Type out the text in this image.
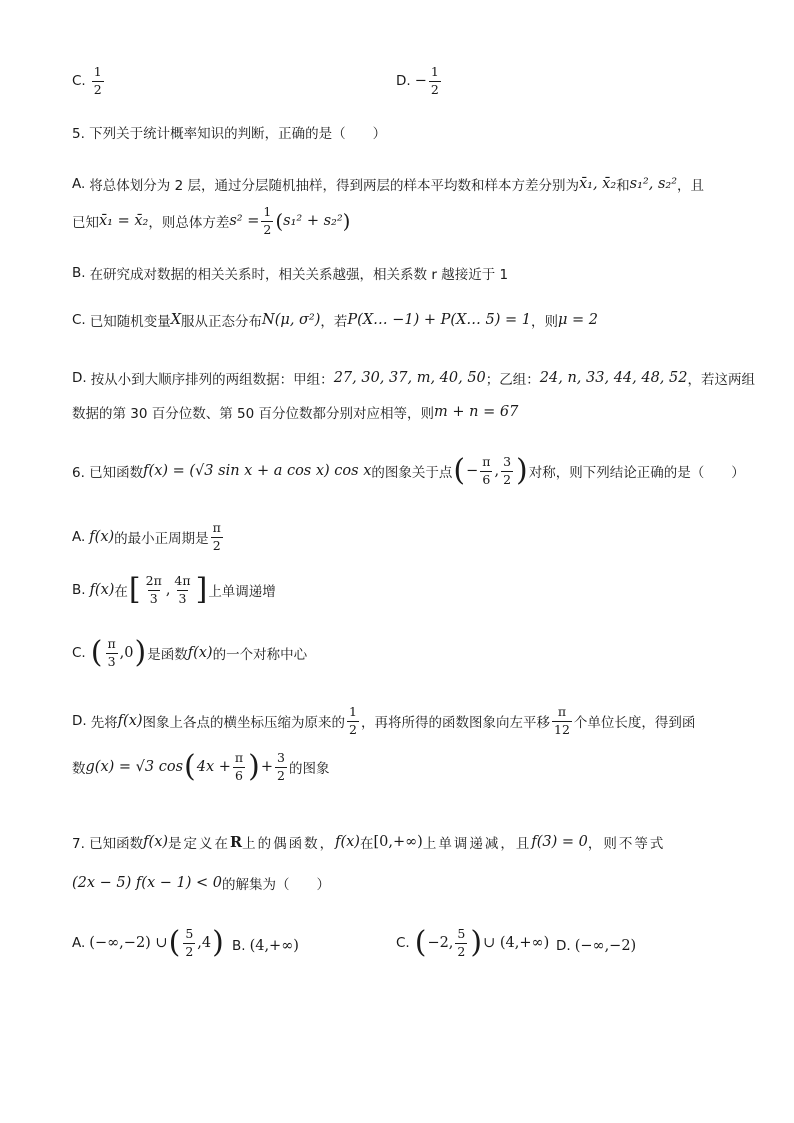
C. $\frac{1}{2}$	D. − $\frac{1}{2}$
5. 下列关于统计概率知识的判断，正确的是（　　）
A. 将总体划分为 2 层，通过分层随机抽样，得到两层的样本平均数和样本方差分别为 x̄₁, x̄₂ 和 s₁², s₂² ，且
已知 x̄₁ = x̄₂ ，则总体方差 $s^2 = \frac{1}{2}$ ( s₁² + s₂² )
B. 在研究成对数据的相关关系时，相关关系越强，相关系数 r 越接近于 1
C. 已知随机变量 X 服从正态分布 N(μ, σ²) ，若 P(X… −1) + P(X… 5) = 1 ，则 μ = 2
D. 按从小到大顺序排列的两组数据：甲组： 27, 30, 37, m, 40, 50 ；乙组： 24, n, 33, 44, 48, 52 ，若这两组
数据的第 30 百分位数、第 50 百分位数都分别对应相等，则 m + n = 67
6. 已知函数 f(x) = (√3 sin x + a cos x) cos x 的图象关于点 ( − $\frac{\pi}{6}$ , $\frac{3}{2}$ ) 对称，则下列结论正确的是（　　）
A. f(x) 的最小正周期是 $\frac{\pi}{2}$
B. f(x) 在 [ $\frac{2\pi}{3}$ , $\frac{4\pi}{3}$ ] 上单调递增
C. ( $\frac{\pi}{3}$ , 0 ) 是函数 f(x) 的一个对称中心
D. 先将 f(x) 图象上各点的横坐标压缩为原来的 $\frac{1}{2}$ ，再将所得的函数图象向左平移 $\frac{\pi}{12}$ 个单位长度，得到函
数 g(x) = √3 cos ( $4x + \frac{\pi}{6}$ ) + $\frac{3}{2}$ 的图象
7. 已知函数 f(x) 是定义在 R 上的偶函数， f(x) 在 [0,+∞) 上单调递减，且 f(3) = 0 ，则不等式
(2x − 5) f(x − 1) < 0 的解集为（　　）
A. (−∞,−2) ∪ ( $\frac{5}{2}$ , 4 ) B. (4,+∞)	C. ( −2, $\frac{5}{2}$ ) ∪ (4,+∞) D. (−∞,−2)
